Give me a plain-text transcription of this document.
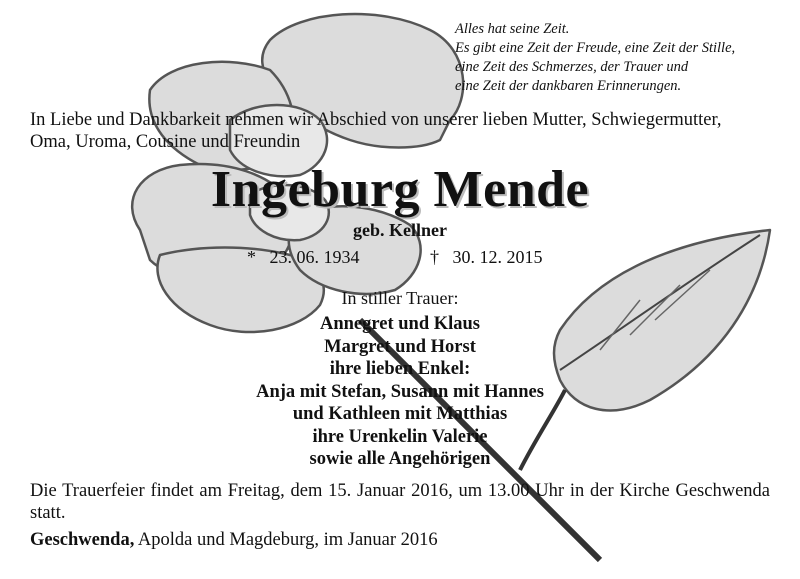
Alles hat seine Zeit.
Es gibt eine Zeit der Freude, eine Zeit der Stille,
eine Zeit des Schmerzes, der Trauer und
eine Zeit der dankbaren Erinnerungen.
In Liebe und Dankbarkeit nehmen wir Abschied von unserer lieben Mutter, Schwiegermutter,
Oma, Uroma, Cousine und Freundin
Ingeburg Mende
geb. Kellner
* 23. 06. 1934	† 30. 12. 2015
In stiller Trauer:
Annegret und Klaus
Margret und Horst
ihre lieben Enkel:
Anja mit Stefan, Susann mit Hannes
und Kathleen mit Matthias
ihre Urenkelin Valerie
sowie alle Angehörigen
Die Trauerfeier findet am Freitag, dem 15. Januar 2016, um 13.00 Uhr in der Kirche Geschwenda statt.
Geschwenda, Apolda und Magdeburg, im Januar 2016
